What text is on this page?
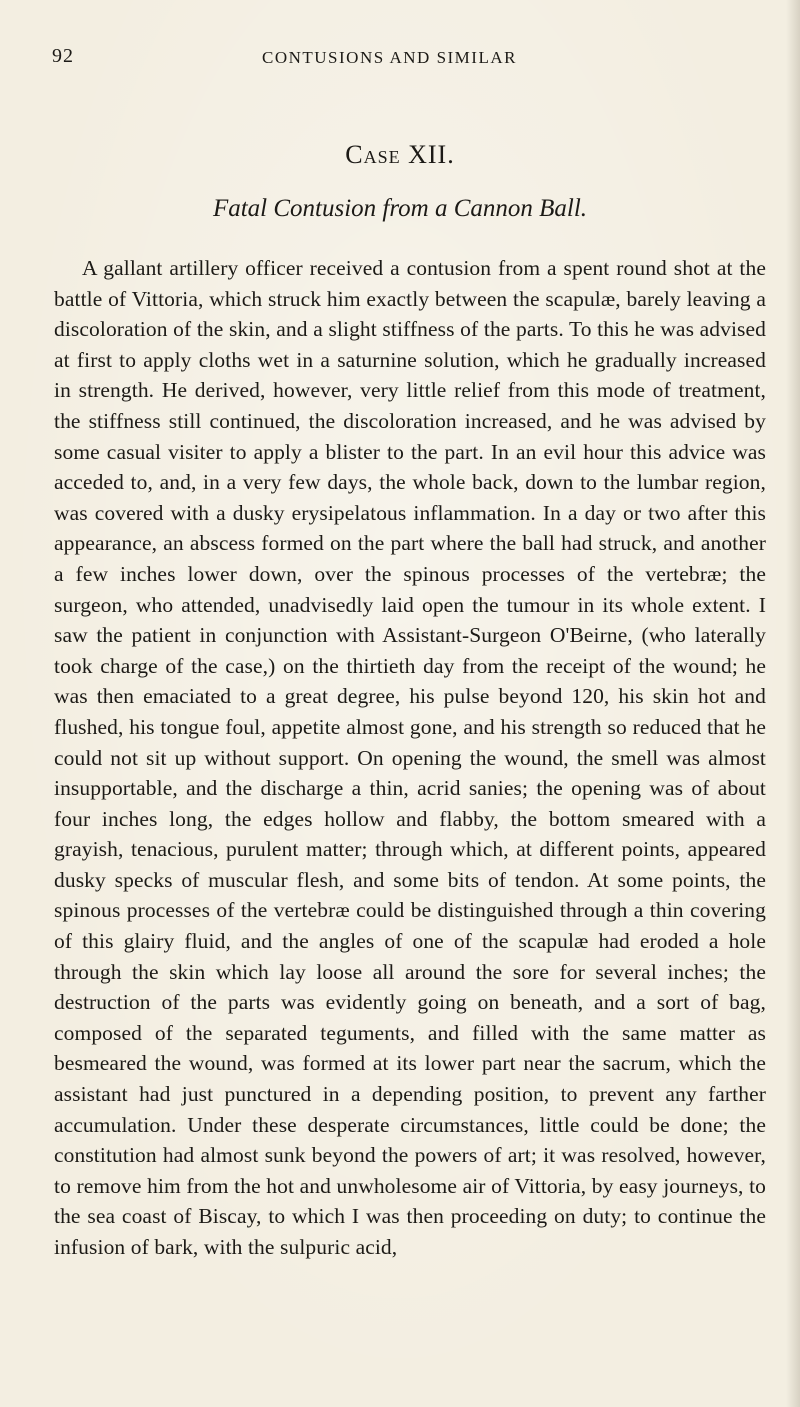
92	CONTUSIONS AND SIMILAR
Case XII.
Fatal Contusion from a Cannon Ball.

A gallant artillery officer received a contusion from a spent round shot at the battle of Vittoria, which struck him exactly between the scapulæ, barely leaving a discoloration of the skin, and a slight stiffness of the parts. To this he was advised at first to apply cloths wet in a saturnine solution, which he gradually increased in strength. He derived, however, very little relief from this mode of treatment, the stiffness still continued, the discoloration increased, and he was advised by some casual visiter to apply a blister to the part. In an evil hour this advice was acceded to, and, in a very few days, the whole back, down to the lumbar region, was covered with a dusky erysipelatous inflammation. In a day or two after this appearance, an abscess formed on the part where the ball had struck, and another a few inches lower down, over the spinous processes of the vertebræ; the surgeon, who attended, unadvisedly laid open the tumour in its whole extent. I saw the patient in conjunction with Assistant-Surgeon O'Beirne, (who laterally took charge of the case,) on the thirtieth day from the receipt of the wound; he was then emaciated to a great degree, his pulse beyond 120, his skin hot and flushed, his tongue foul, appetite almost gone, and his strength so reduced that he could not sit up without support. On opening the wound, the smell was almost insupportable, and the discharge a thin, acrid sanies; the opening was of about four inches long, the edges hollow and flabby, the bottom smeared with a grayish, tenacious, purulent matter; through which, at different points, appeared dusky specks of muscular flesh, and some bits of tendon. At some points, the spinous processes of the vertebræ could be distinguished through a thin covering of this glairy fluid, and the angles of one of the scapulæ had eroded a hole through the skin which lay loose all around the sore for several inches; the destruction of the parts was evidently going on beneath, and a sort of bag, composed of the separated teguments, and filled with the same matter as besmeared the wound, was formed at its lower part near the sacrum, which the assistant had just punctured in a depending position, to prevent any farther accumulation. Under these desperate circumstances, little could be done; the constitution had almost sunk beyond the powers of art; it was resolved, however, to remove him from the hot and unwholesome air of Vittoria, by easy journeys, to the sea coast of Biscay, to which I was then proceeding on duty; to continue the infusion of bark, with the sulpuric acid,
